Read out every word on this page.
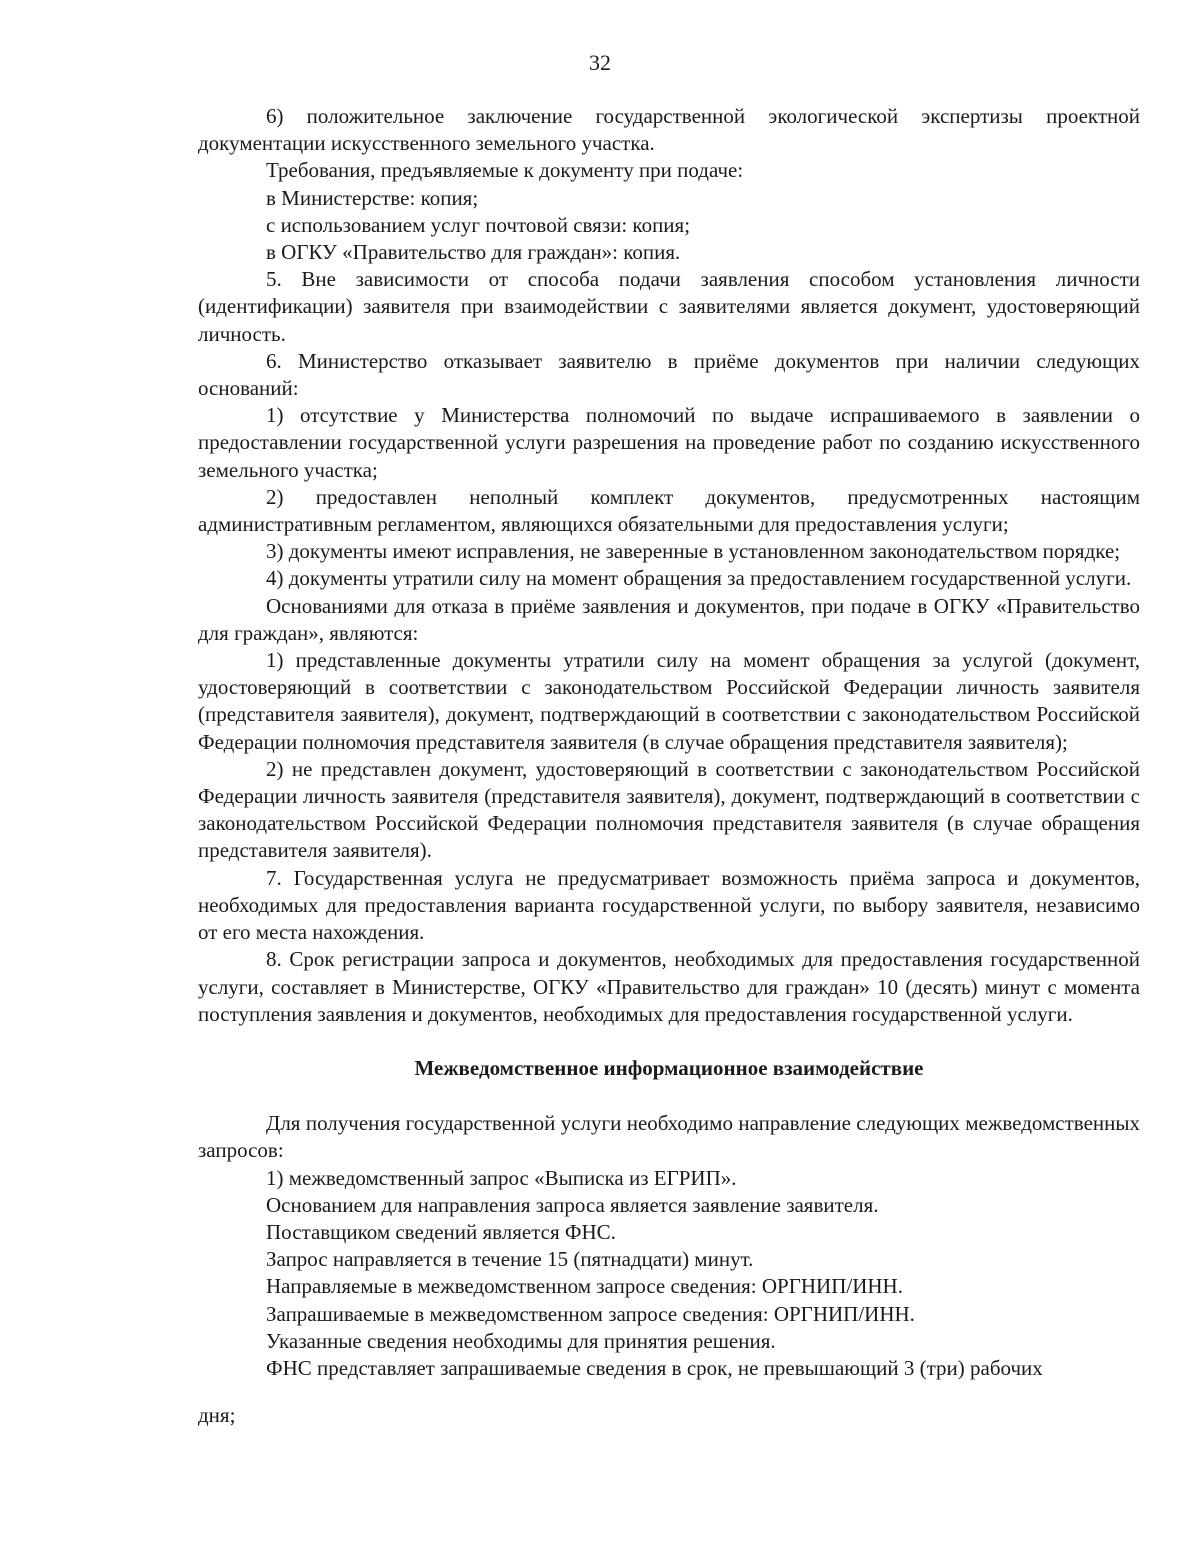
32

6) положительное заключение государственной экологической экспертизы проектной документации искусственного земельного участка.

Требования, предъявляемые к документу при подаче:

в Министерстве: копия;

с использованием услуг почтовой связи: копия;

в ОГКУ «Правительство для граждан»: копия.

5. Вне зависимости от способа подачи заявления способом установления личности (идентификации) заявителя при взаимодействии с заявителями является документ, удостоверяющий личность.

6. Министерство отказывает заявителю в приёме документов при наличии следующих оснований:

1) отсутствие у Министерства полномочий по выдаче испрашиваемого в заявлении о предоставлении государственной услуги разрешения на проведение работ по созданию искусственного земельного участка;

2) предоставлен неполный комплект документов, предусмотренных настоящим административным регламентом, являющихся обязательными для предоставления услуги;

3) документы имеют исправления, не заверенные в установленном законодательством порядке;

4) документы утратили силу на момент обращения за предоставлением государственной услуги.

Основаниями для отказа в приёме заявления и документов, при подаче в ОГКУ «Правительство для граждан», являются:

1) представленные документы утратили силу на момент обращения за услугой (документ, удостоверяющий в соответствии с законодательством Российской Федерации личность заявителя (представителя заявителя), документ, подтверждающий в соответствии с законодательством Российской Федерации полномочия представителя заявителя (в случае обращения представителя заявителя);

2) не представлен документ, удостоверяющий в соответствии с законодательством Российской Федерации личность заявителя (представителя заявителя), документ, подтверждающий в соответствии с законодательством Российской Федерации полномочия представителя заявителя (в случае обращения представителя заявителя).

7. Государственная услуга не предусматривает возможность приёма запроса и документов, необходимых для предоставления варианта государственной услуги, по выбору заявителя, независимо от его места нахождения.

8. Срок регистрации запроса и документов, необходимых для предоставления государственной услуги, составляет в Министерстве, ОГКУ «Правительство для граждан» 10 (десять) минут с момента поступления заявления и документов, необходимых для предоставления государственной услуги.

Межведомственное информационное взаимодействие

Для получения государственной услуги необходимо направление следующих межведомственных запросов:

1) межведомственный запрос «Выписка из ЕГРИП».

Основанием для направления запроса является заявление заявителя.

Поставщиком сведений является ФНС.

Запрос направляется в течение 15 (пятнадцати) минут.

Направляемые в межведомственном запросе сведения: ОРГНИП/ИНН.

Запрашиваемые в межведомственном запросе сведения: ОРГНИП/ИНН.

Указанные сведения необходимы для принятия решения.

ФНС представляет запрашиваемые сведения в срок, не превышающий 3 (три) рабочих

дня;
